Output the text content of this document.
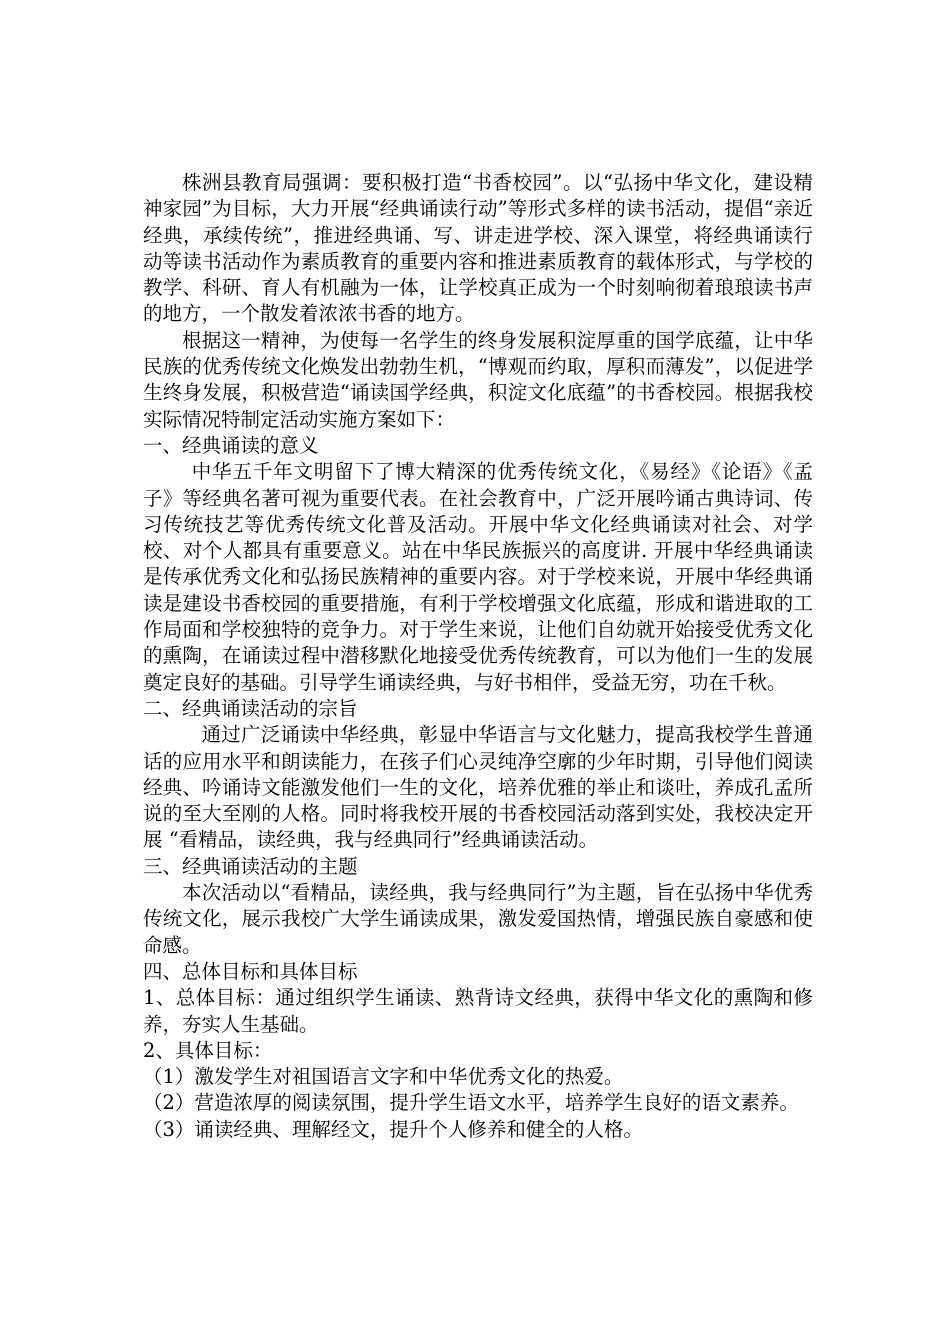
株洲县教育局强调：要积极打造“书香校园”。以“弘扬中华文化，建设精神家园”为目标，大力开展“经典诵读行动”等形式多样的读书活动，提倡“亲近经典，承续传统”，推进经典诵、写、讲走进学校、深入课堂，将经典诵读行动等读书活动作为素质教育的重要内容和推进素质教育的载体形式，与学校的教学、科研、育人有机融为一体，让学校真正成为一个时刻响彻着琅琅读书声的地方，一个散发着浓浓书香的地方。

根据这一精神，为使每一名学生的终身发展积淀厚重的国学底蕴，让中华民族的优秀传统文化焕发出勃勃生机，“博观而约取，厚积而薄发”，以促进学生终身发展，积极营造“诵读国学经典，积淀文化底蕴”的书香校园。根据我校实际情况特制定活动实施方案如下：

一、经典诵读的意义

中华五千年文明留下了博大精深的优秀传统文化，《易经》《论语》《孟子》等经典名著可视为重要代表。在社会教育中，广泛开展吟诵古典诗词、传习传统技艺等优秀传统文化普及活动。开展中华文化经典诵读对社会、对学校、对个人都具有重要意义。站在中华民族振兴的高度讲. 开展中华经典诵读是传承优秀文化和弘扬民族精神的重要内容。对于学校来说，开展中华经典诵读是建设书香校园的重要措施，有利于学校增强文化底蕴，形成和谐进取的工作局面和学校独特的竞争力。对于学生来说，让他们自幼就开始接受优秀文化的熏陶，在诵读过程中潜移默化地接受优秀传统教育，可以为他们一生的发展奠定良好的基础。引导学生诵读经典，与好书相伴，受益无穷，功在千秋。

二、经典诵读活动的宗旨

通过广泛诵读中华经典，彰显中华语言与文化魅力，提高我校学生普通话的应用水平和朗读能力，在孩子们心灵纯净空廓的少年时期，引导他们阅读经典、吟诵诗文能激发他们一生的文化，培养优雅的举止和谈吐，养成孔孟所说的至大至刚的人格。同时将我校开展的书香校园活动落到实处，我校决定开展 “看精品，读经典，我与经典同行”经典诵读活动。

三、经典诵读活动的主题

本次活动以“看精品，读经典，我与经典同行”为主题，旨在弘扬中华优秀传统文化，展示我校广大学生诵读成果，激发爱国热情，增强民族自豪感和使命感。

四、总体目标和具体目标

1、总体目标：通过组织学生诵读、熟背诗文经典，获得中华文化的熏陶和修养，夯实人生基础。

2、具体目标：

（1）激发学生对祖国语言文字和中华优秀文化的热爱。

（2）营造浓厚的阅读氛围，提升学生语文水平，培养学生良好的语文素养。

（3）诵读经典、理解经文，提升个人修养和健全的人格。
